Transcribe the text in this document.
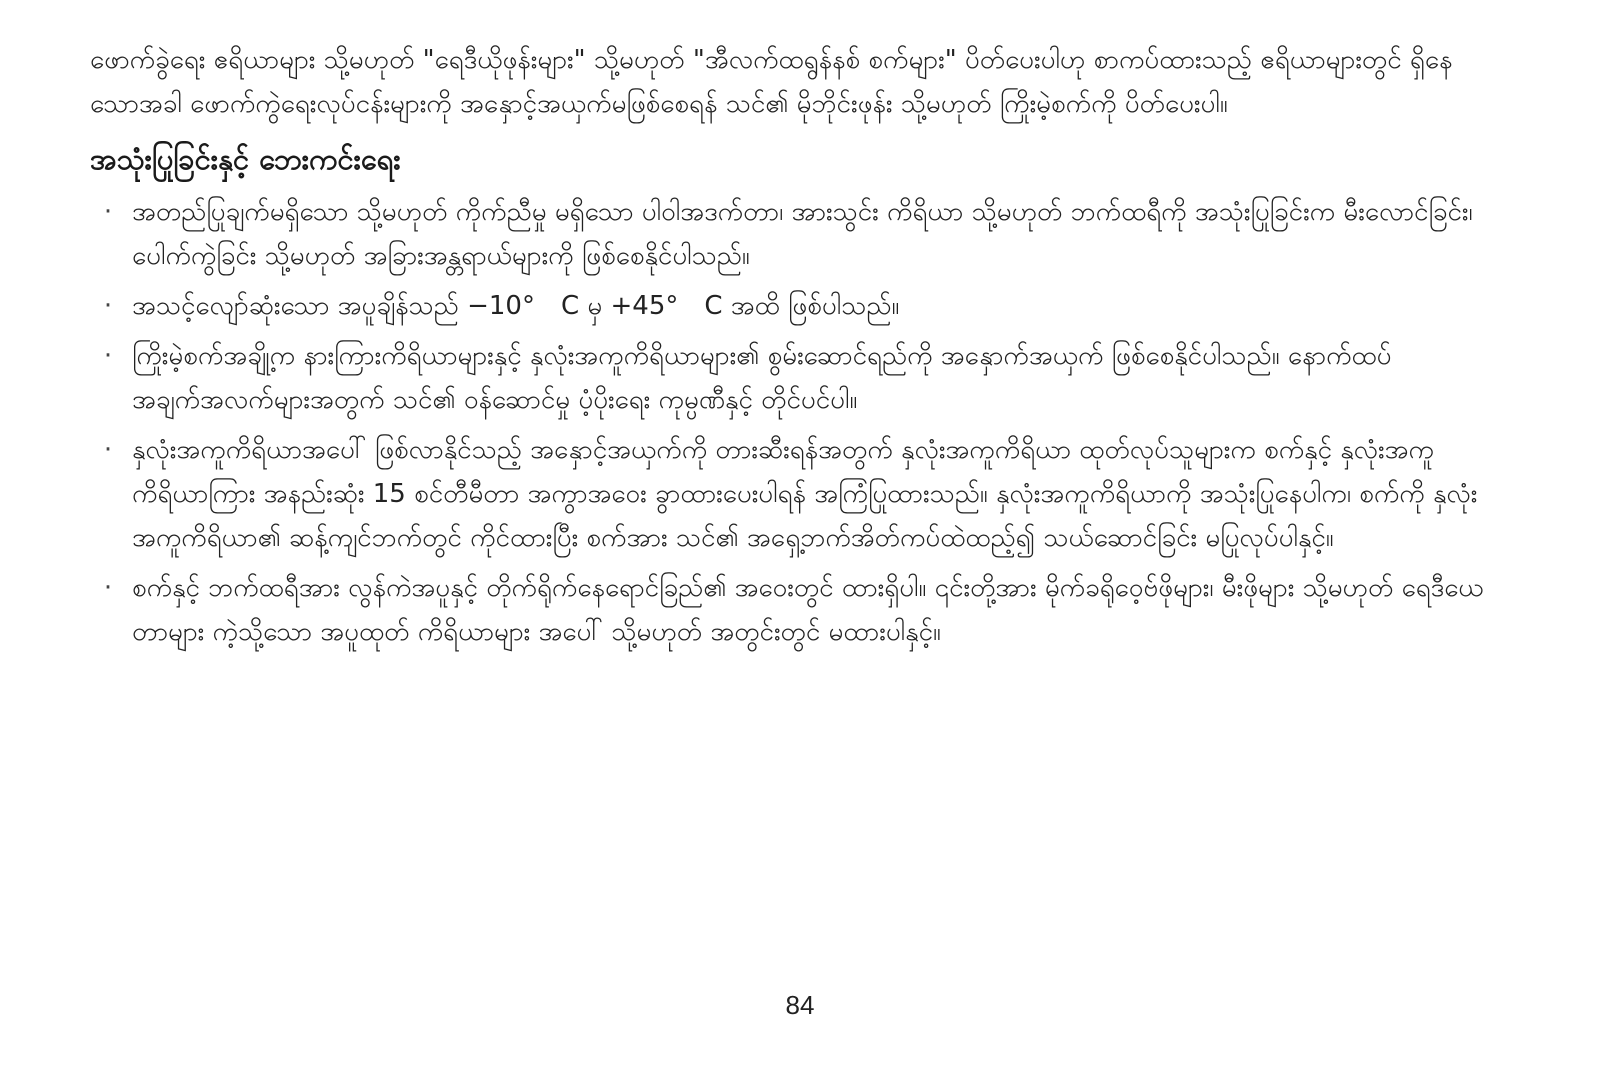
ဖောက်ခွဲရေး ဧရိယာများ သို့မဟုတ် "ရေဒီယိုဖုန်းများ" သို့မဟုတ် "အီလက်ထရွန်နစ် စက်များ" ပိတ်ပေးပါဟု စာကပ်ထားသည့် ဧရိယာများတွင် ရှိနေသောအခါ ဖောက်ကွဲရေးလုပ်ငန်းများကို အနှောင့်အယှက်မဖြစ်စေရန် သင်၏ မိုဘိုင်းဖုန်း သို့မဟုတ် ကြိုးမဲ့စက်ကို ပိတ်ပေးပါ။

အသုံးပြုခြင်းနှင့် ဘေးကင်းရေး
· အတည်ပြုချက်မရှိသော သို့မဟုတ် ကိုက်ညီမှု မရှိသော ပါဝါအဒက်တာ၊ အားသွင်း ကိရိယာ သို့မဟုတ် ဘက်ထရီကို အသုံးပြုခြင်းက မီးလောင်ခြင်း၊ ပေါက်ကွဲခြင်း သို့မဟုတ် အခြားအန္တရာယ်များကို ဖြစ်စေနိုင်ပါသည်။
· အသင့်လျော်ဆုံးသော အပူချိန်သည် −10°　C မှ +45°　C အထိ ဖြစ်ပါသည်။
· ကြိုးမဲ့စက်အချို့က နားကြားကိရိယာများနှင့် နှလုံးအကူကိရိယာများ၏ စွမ်းဆောင်ရည်ကို အနှောက်အယှက် ဖြစ်စေနိုင်ပါသည်။ နောက်ထပ် အချက်အလက်များအတွက် သင်၏ ဝန်ဆောင်မှု ပံ့ပိုးရေး ကုမ္ပဏီနှင့် တိုင်ပင်ပါ။
· နှလုံးအကူကိရိယာအပေါ် ဖြစ်လာနိုင်သည့် အနှောင့်အယှက်ကို တားဆီးရန်အတွက် နှလုံးအကူကိရိယာ ထုတ်လုပ်သူများက စက်နှင့် နှလုံးအကူကိရိယာကြား အနည်းဆုံး 15 စင်တီမီတာ အကွာအဝေး ခွာထားပေးပါရန် အကြံပြုထားသည်။ နှလုံးအကူကိရိယာကို အသုံးပြုနေပါက၊ စက်ကို နှလုံးအကူကိရိယာ၏ ဆန့်ကျင်ဘက်တွင် ကိုင်ထားပြီး စက်အား သင်၏ အရှေ့ဘက်အိတ်ကပ်ထဲထည့်၍ သယ်ဆောင်ခြင်း မပြုလုပ်ပါနှင့်။
· စက်နှင့် ဘက်ထရီအား လွန်ကဲအပူနှင့် တိုက်ရိုက်နေရောင်ခြည်၏ အဝေးတွင် ထားရှိပါ။ ၎င်းတို့အား မိုက်ခရိုဝေ့ဗ်ဖိုများ၊ မီးဖိုများ သို့မဟုတ် ရေဒီယေတာများ ကဲ့သို့သော အပူထုတ် ကိရိယာများ အပေါ် သို့မဟုတ် အတွင်းတွင် မထားပါနှင့်။
84
